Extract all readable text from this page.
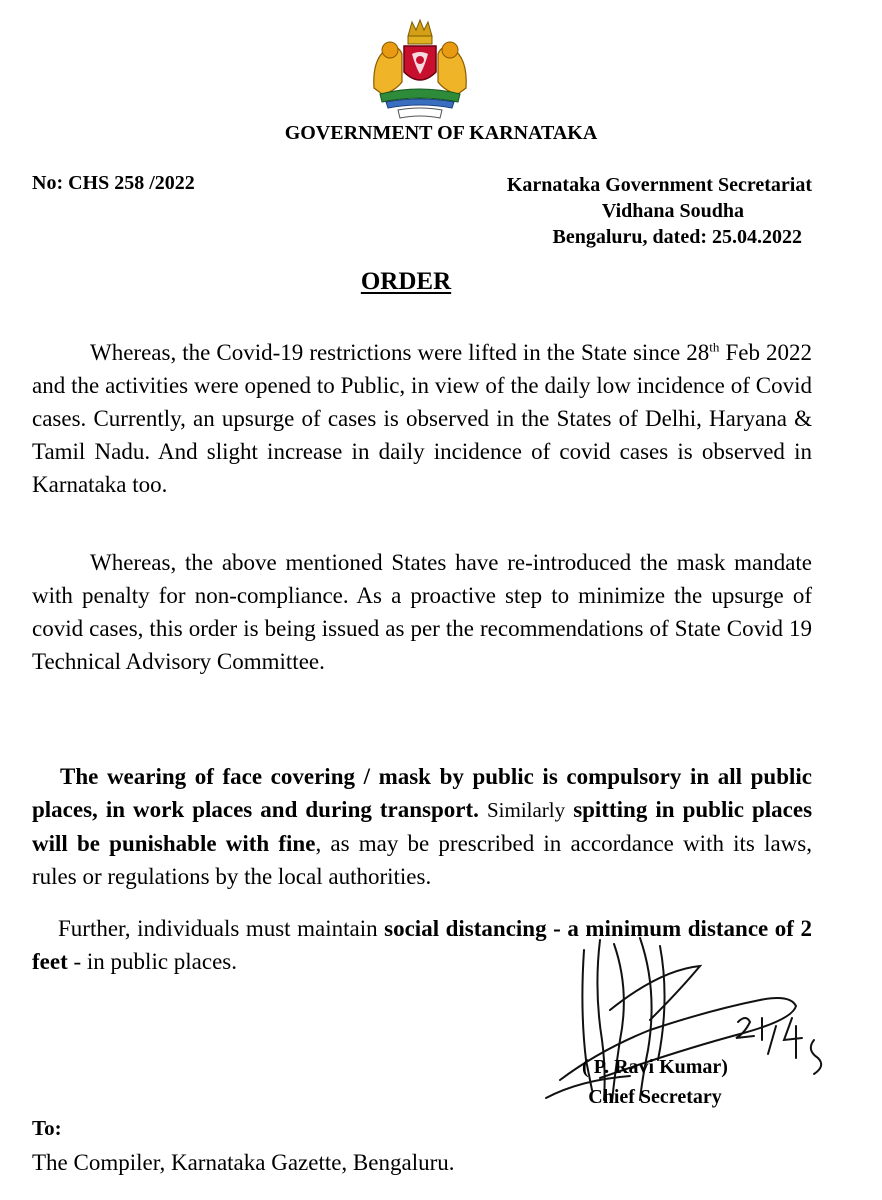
GOVERNMENT OF KARNATAKA
No: CHS 258 /2022	Karnataka Government Secretariat
Vidhana Soudha
Bengaluru, dated: 25.04.2022
ORDER
Whereas, the Covid-19 restrictions were lifted in the State since 28th Feb 2022 and the activities were opened to Public, in view of the daily low incidence of Covid cases. Currently, an upsurge of cases is observed in the States of Delhi, Haryana & Tamil Nadu. And slight increase in daily incidence of covid cases is observed in Karnataka too.
Whereas, the above mentioned States have re-introduced the mask mandate with penalty for non-compliance. As a proactive step to minimize the upsurge of covid cases, this order is being issued as per the recommendations of State Covid 19 Technical Advisory Committee.
The wearing of face covering / mask by public is compulsory in all public places, in work places and during transport. Similarly spitting in public places will be punishable with fine, as may be prescribed in accordance with its laws, rules or regulations by the local authorities.
Further, individuals must maintain social distancing - a minimum distance of 2 feet - in public places.
( P. Ravi Kumar)
Chief Secretary
To:
The Compiler, Karnataka Gazette, Bengaluru.
